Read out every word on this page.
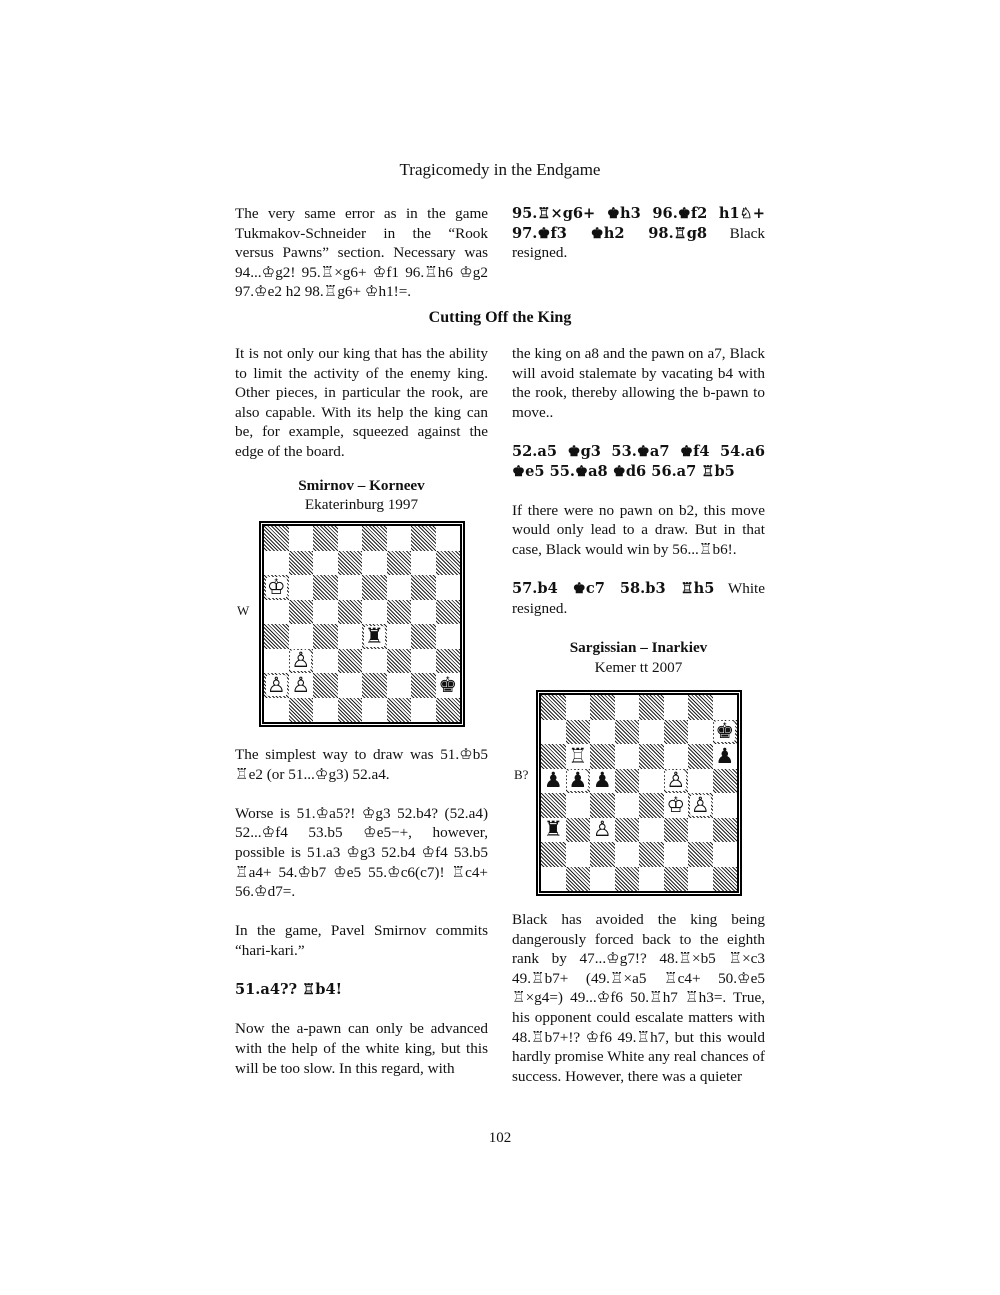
Tragicomedy in the Endgame

The very same error as in the game Tukmakov-Schneider in the “Rook versus Pawns” section. Necessary was 94...♔g2! 95.♖×g6+ ♔f1 96.♖h6 ♔g2 97.♔e2 h2 98.♖g6+ ♔h1!=.

95.♖×g6+ ♚h3 96.♚f2 h1♘+ 97.♚f3 ♚h2 98.♖g8 Black resigned.

Cutting Off the King

It is not only our king that has the ability to limit the activity of the enemy king. Other pieces, in particular the rook, are also capable. With its help the king can be, for example, squeezed against the edge of the board.

Smirnov – Korneev
Ekaterinburg 1997
W
♔
♜
♙
♙ ♙	♚

The simplest way to draw was 51.♔b5 ♖e2 (or 51...♔g3) 52.a4.

Worse is 51.♔a5?! ♔g3 52.b4? (52.a4) 52...♔f4 53.b5 ♔e5−+, however, possible is 51.a3 ♔g3 52.b4 ♔f4 53.b5 ♖a4+ 54.♔b7 ♔e5 55.♔c6(c7)! ♖c4+ 56.♔d7=.

In the game, Pavel Smirnov commits “hari-kari.”

51.a4?? ♖b4!

Now the a-pawn can only be advanced with the help of the white king, but this will be too slow. In this regard, with

the king on a8 and the pawn on a7, Black will avoid stalemate by vacating b4 with the rook, thereby allowing the b-pawn to move..

52.a5 ♚g3 53.♚a7 ♚f4 54.a6 ♚e5 55.♚a8 ♚d6 56.a7 ♖b5

If there were no pawn on b2, this move would only lead to a draw. But in that case, Black would win by 56...♖b6!.

57.b4 ♚c7 58.b3 ♖h5 White resigned.

Sargissian – Inarkiev
Kemer tt 2007
B?
♚
♖	♟
♟ ♟ ♟	♙
♔ ♙
♜ ♙

Black has avoided the king being dangerously forced back to the eighth rank by 47...♔g7!? 48.♖×b5 ♖×c3 49.♖b7+ (49.♖×a5 ♖c4+ 50.♔e5 ♖×g4=) 49...♔f6 50.♖h7 ♖h3=. True, his opponent could escalate matters with 48.♖b7+!? ♔f6 49.♖h7, but this would hardly promise White any real chances of success. However, there was a quieter

102
